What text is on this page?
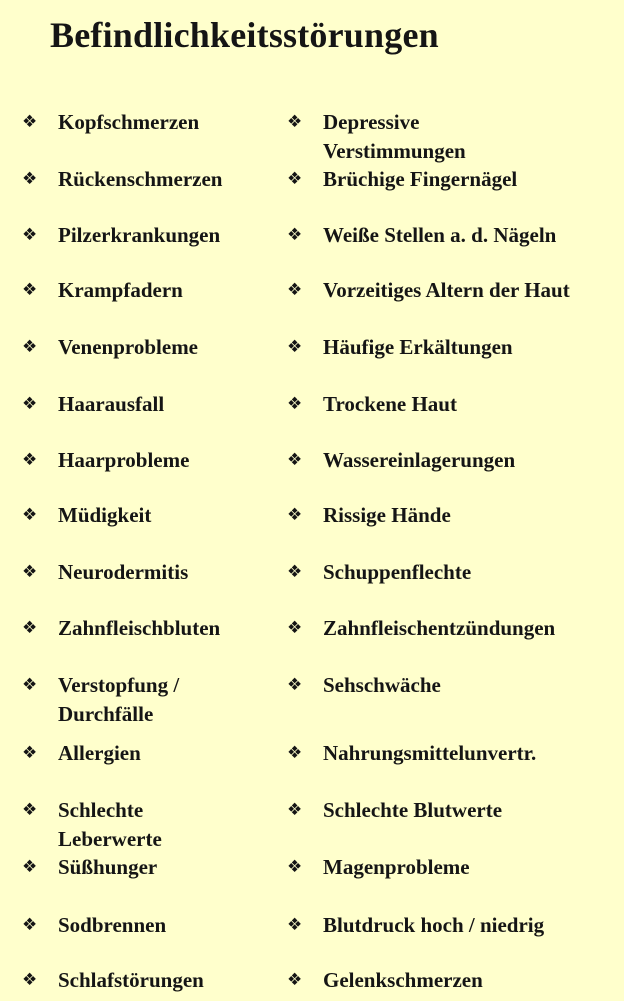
Befindlichkeitsstörungen
❖ Kopfschmerzen
❖ Rückenschmerzen
❖ Pilzerkrankungen
❖ Krampfadern
❖ Venenprobleme
❖ Haarausfall
❖ Haarprobleme
❖ Müdigkeit
❖ Neurodermitis
❖ Zahnfleischbluten
❖ Verstopfung / Durchfälle
❖ Allergien
❖ Schlechte Leberwerte
❖ Süßhunger
❖ Sodbrennen
❖ Schlafstörungen
❖ Depressive Verstimmungen
❖ Brüchige Fingernägel
❖ Weiße Stellen a. d. Nägeln
❖ Vorzeitiges Altern der Haut
❖ Häufige Erkältungen
❖ Trockene Haut
❖ Wassereinlagerungen
❖ Rissige Hände
❖ Schuppenflechte
❖ Zahnfleischentzündungen
❖ Sehschwäche
❖ Nahrungsmittelunvertr.
❖ Schlechte Blutwerte
❖ Magenprobleme
❖ Blutdruck hoch / niedrig
❖ Gelenkschmerzen
